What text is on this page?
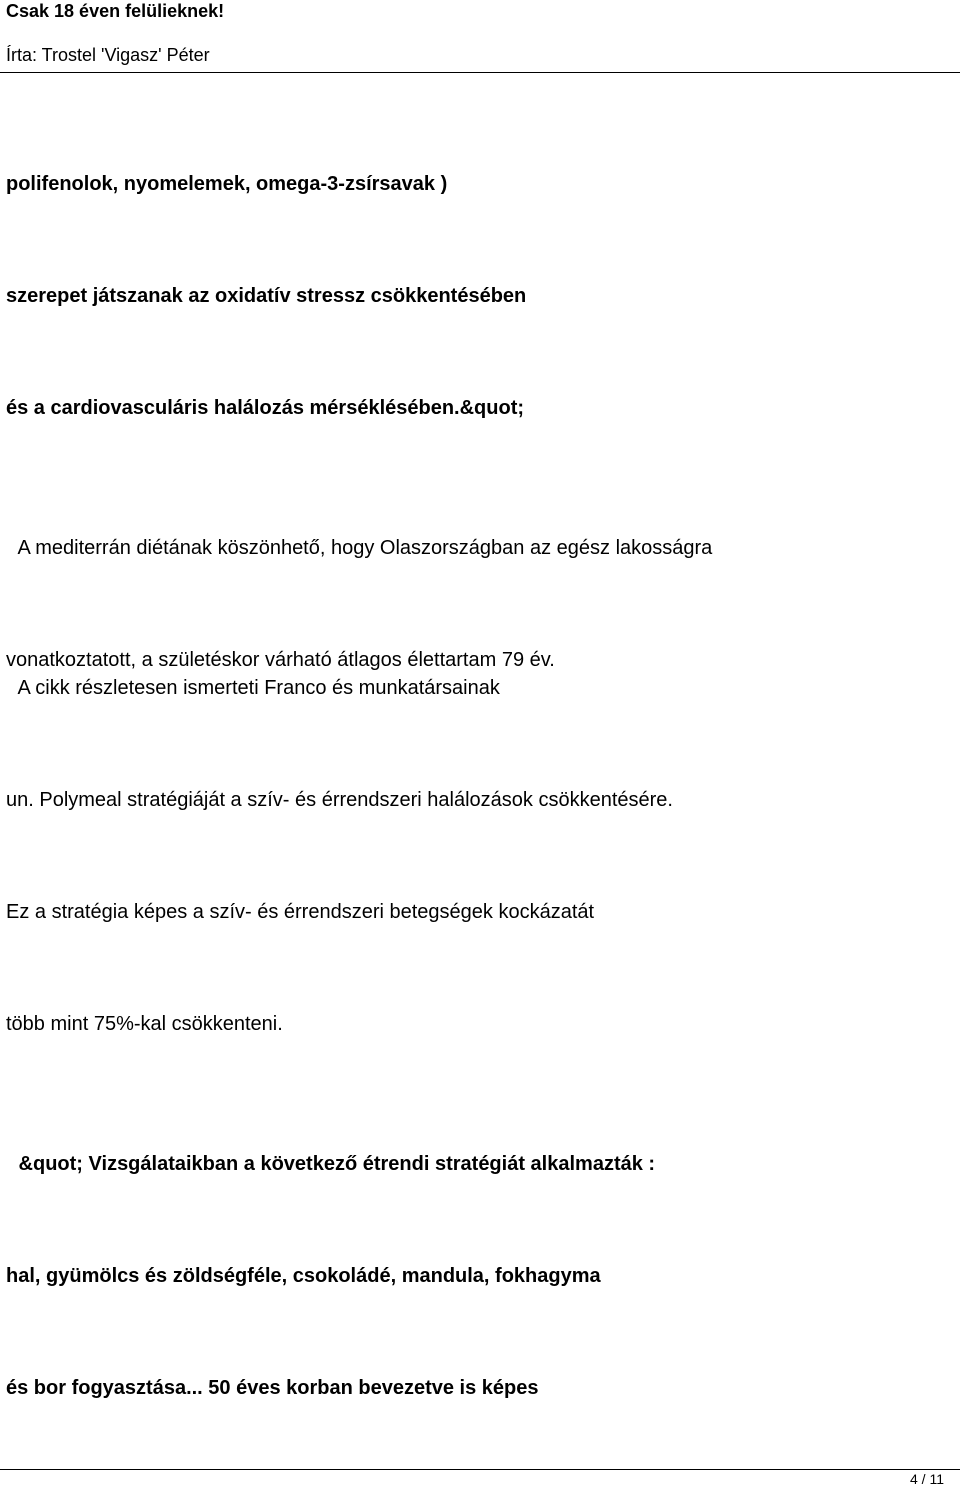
Csak 18 éven felülieknek!
Írta: Trostel 'Vigasz' Péter
polifenolok, nyomelemek, omega-3-zsírsavak )
szerepet játszanak az oxidatív stressz csökkentésében
és a cardiovasculáris halálozás mérséklésében.&quot;
A mediterrán diétának köszönhető, hogy Olaszországban az egész lakosságra
vonatkoztatott, a születéskor várható átlagos élettartam 79 év.
A cikk részletesen ismerteti Franco és munkatársainak
un. Polymeal stratégiáját a szív- és érrendszeri halálozások csökkentésére.
Ez a stratégia képes a szív- és érrendszeri betegségek kockázatát
több mint 75%-kal csökkenteni.
&quot; Vizsgálataikban a következő étrendi stratégiát alkalmazták :
hal, gyümölcs és zöldségféle, csokoládé, mandula, fokhagyma
és bor fogyasztása... 50 éves korban bevezetve is képes
4 / 11
